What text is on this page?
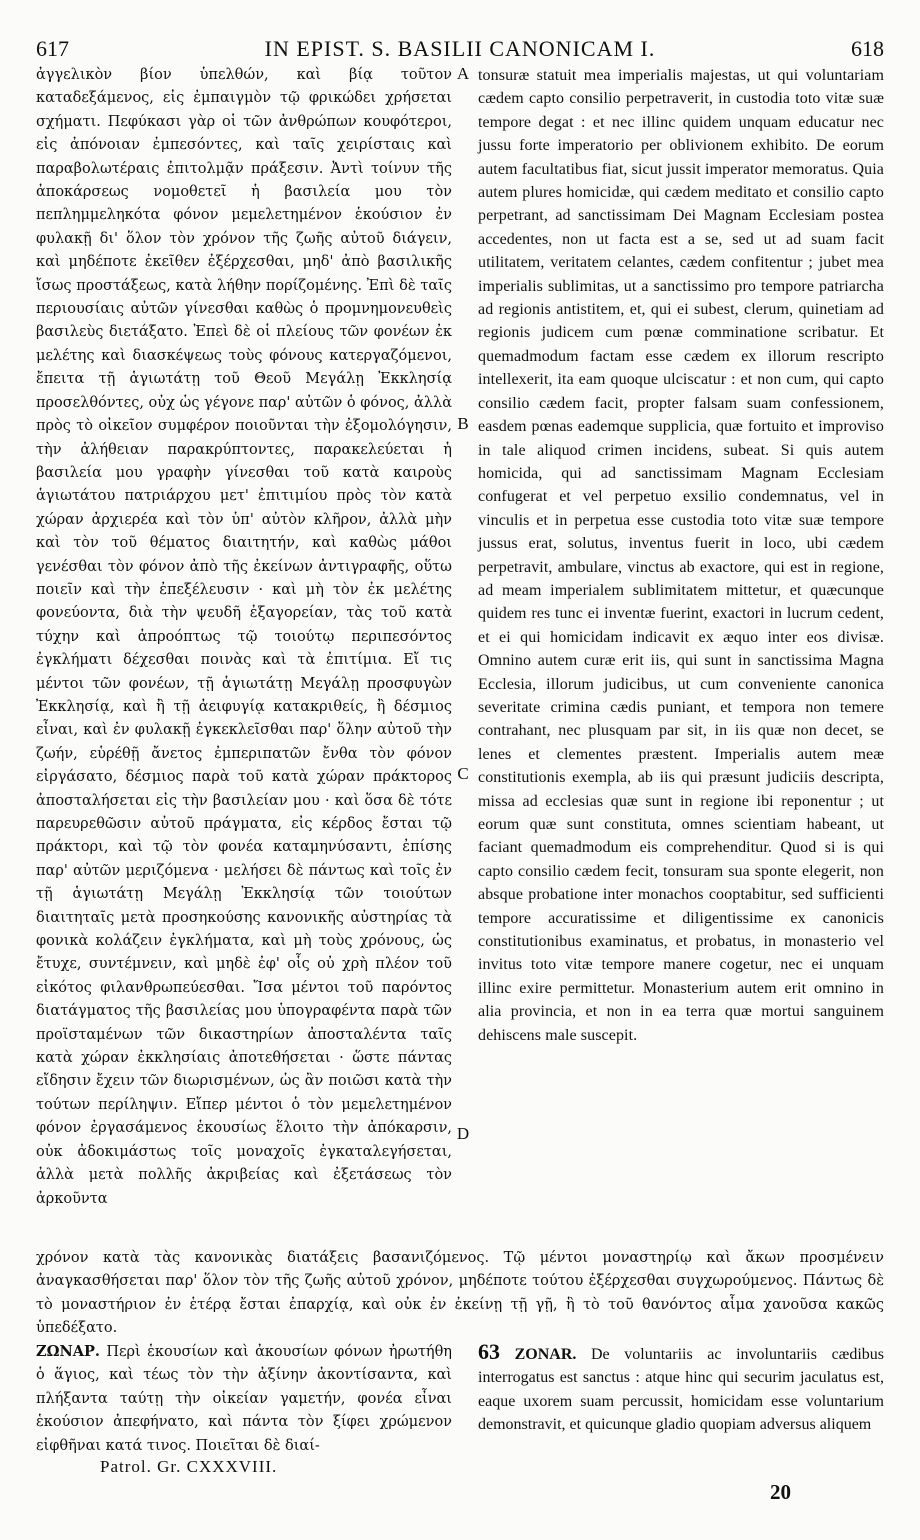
617	IN EPIST. S. BASILII CANONICAM I.	618

ἀγγελικὸν βίον ὑπελθών, καὶ βίᾳ τοῦτον καταδεξάμενος, εἰς ἐμπαιγμὸν τῷ φρικώδει χρήσεται σχήματι. Πεφύκασι γὰρ οἱ τῶν ἀνθρώπων κουφότεροι, εἰς ἀπόνοιαν ἐμπεσόντες, καὶ ταῖς χειρίσταις καὶ παραβολωτέραις ἐπιτολμᾷν πράξεσιν. Ἀντὶ τοίνυν τῆς ἀποκάρσεως νομοθετεῖ ἡ βασιλεία μου τὸν πεπλημμεληκότα φόνον μεμελετημένον ἑκούσιον ἐν φυλακῇ δι' ὅλον τὸν χρόνον τῆς ζωῆς αὐτοῦ διάγειν, καὶ μηδέποτε ἐκεῖθεν ἐξέρχεσθαι, μηδ' ἀπὸ βασιλικῆς ἴσως προστάξεως, κατὰ λήθην πορίζομένης. Ἐπὶ δὲ ταῖς περιουσίαις αὐτῶν γίνεσθαι καθὼς ὁ προμνημονευθεὶς βασιλεὺς διετάξατο. Ἐπεὶ δὲ οἱ πλείους τῶν φονέων ἐκ μελέτης καὶ διασκέψεως τοὺς φόνους κατεργαζόμενοι, ἔπειτα τῇ ἁγιωτάτῃ τοῦ Θεοῦ Μεγάλῃ Ἐκκλησίᾳ προσελθόντες, οὐχ ὡς γέγονε παρ' αὐτῶν ὁ φόνος, ἀλλὰ πρὸς τὸ οἰκεῖον συμφέρον ποιοῦνται τὴν ἐξομολόγησιν, τὴν ἀλήθειαν παρακρύπτοντες, παρακελεύεται ἡ βασιλεία μου γραφὴν γίνεσθαι τοῦ κατὰ καιροὺς ἁγιωτάτου πατριάρχου μετ' ἐπιτιμίου πρὸς τὸν κατὰ χώραν ἀρχιερέα καὶ τὸν ὑπ' αὐτὸν κλῆρον, ἀλλὰ μὴν καὶ τὸν τοῦ θέματος διαιτητήν, καὶ καθὼς μάθοι γενέσθαι τὸν φόνον ἀπὸ τῆς ἐκείνων ἀντιγραφῆς, οὕτω ποιεῖν καὶ τὴν ἐπεξέλευσιν · καὶ μὴ τὸν ἐκ μελέτης φονεύοντα, διὰ τὴν ψευδῆ ἐξαγορείαν, τὰς τοῦ κατὰ τύχην καὶ ἀπροόπτως τῷ τοιούτῳ περιπεσόντος ἐγκλήματι δέχεσθαι ποινὰς καὶ τὰ ἐπιτίμια. Εἴ τις μέντοι τῶν φονέων, τῇ ἁγιωτάτῃ Μεγάλῃ προσφυγὼν Ἐκκλησίᾳ, καὶ ἢ τῇ ἀειφυγίᾳ κατακριθείς, ἢ δέσμιος εἶναι, καὶ ἐν φυλακῇ ἐγκεκλεῖσθαι παρ' ὅλην αὐτοῦ τὴν ζωήν, εὑρέθῇ ἄνετος ἐμπεριπατῶν ἔνθα τὸν φόνον εἰργάσατο, δέσμιος παρὰ τοῦ κατὰ χώραν πράκτορος ἀποσταλήσεται εἰς τὴν βασιλείαν μου · καὶ ὅσα δὲ τότε παρευρεθῶσιν αὐτοῦ πράγματα, εἰς κέρδος ἔσται τῷ πράκτορι, καὶ τῷ τὸν φονέα καταμηνύσαντι, ἐπίσης παρ' αὐτῶν μεριζόμενα · μελήσει δὲ πάντως καὶ τοῖς ἐν τῇ ἁγιωτάτῃ Μεγάλῃ Ἐκκλησίᾳ τῶν τοιούτων διαιτηταῖς μετὰ προσηκούσης κανονικῆς αὐστηρίας τὰ φονικὰ κολάζειν ἐγκλήματα, καὶ μὴ τοὺς χρόνους, ὡς ἔτυχε, συντέμνειν, καὶ μηδὲ ἐφ' οἷς οὐ χρὴ πλέον τοῦ εἰκότος φιλανθρωπεύεσθαι. Ἴσα μέντοι τοῦ παρόντος διατάγματος τῆς βασιλείας μου ὑπογραφέντα παρὰ τῶν προϊσταμένων τῶν δικαστηρίων ἀποσταλέντα ταῖς κατὰ χώραν ἐκκλησίαις ἀποτεθήσεται · ὥστε πάντας εἴδησιν ἔχειν τῶν διωρισμένων, ὡς ἂν ποιῶσι κατὰ τὴν τούτων περίληψιν. Εἴπερ μέντοι ὁ τὸν μεμελετημένον φόνον ἐργασάμενος ἑκουσίως ἕλοιτο τὴν ἀπόκαρσιν, οὐκ ἀδοκιμάστως τοῖς μοναχοῖς ἐγκαταλεγήσεται, ἀλλὰ μετὰ πολλῆς ἀκριβείας καὶ ἐξετάσεως τὸν ἀρκοῦντα

A
B
C
D

tonsuræ statuit mea imperialis majestas, ut qui voluntariam cædem capto consilio perpetraverit, in custodia toto vitæ suæ tempore degat : et nec illinc quidem unquam educatur nec jussu forte imperatorio per oblivionem exhibito. De eorum autem facultatibus fiat, sicut jussit imperator memoratus. Quia autem plures homicidæ, qui cædem meditato et consilio capto perpetrant, ad sanctissimam Dei Magnam Ecclesiam postea accedentes, non ut facta est a se, sed ut ad suam facit utilitatem, veritatem celantes, cædem confitentur ; jubet mea imperialis sublimitas, ut a sanctissimo pro tempore patriarcha ad regionis antistitem, et, qui ei subest, clerum, quinetiam ad regionis judicem cum pœnæ comminatione scribatur. Et quemadmodum factam esse cædem ex illorum rescripto intellexerit, ita eam quoque ulciscatur : et non cum, qui capto consilio cædem facit, propter falsam suam confessionem, easdem pœnas eademque supplicia, quæ fortuito et improviso in tale aliquod crimen incidens, subeat. Si quis autem homicida, qui ad sanctissimam Magnam Ecclesiam confugerat et vel perpetuo exsilio condemnatus, vel in vinculis et in perpetua esse custodia toto vitæ suæ tempore jussus erat, solutus, inventus fuerit in loco, ubi cædem perpetravit, ambulare, vinctus ab exactore, qui est in regione, ad meam imperialem sublimitatem mittetur, et quæcunque quidem res tunc ei inventæ fuerint, exactori in lucrum cedent, et ei qui homicidam indicavit ex æquo inter eos divisæ. Omnino autem curæ erit iis, qui sunt in sanctissima Magna Ecclesia, illorum judicibus, ut cum conveniente canonica severitate crimina cædis puniant, et tempora non temere contrahant, nec plusquam par sit, in iis quæ non decet, se lenes et clementes præstent. Imperialis autem meæ constitutionis exempla, ab iis qui præsunt judiciis descripta, missa ad ecclesias quæ sunt in regione ibi reponentur ; ut eorum quæ sunt constituta, omnes scientiam habeant, ut faciant quemadmodum eis comprehenditur. Quod si is qui capto consilio cædem fecit, tonsuram sua sponte elegerit, non absque probatione inter monachos cooptabitur, sed sufficienti tempore accuratissime et diligentissime ex canonicis constitutionibus examinatus, et probatus, in monasterio vel invitus toto vitæ tempore manere cogetur, nec ei unquam illinc exire permittetur. Monasterium autem erit omnino in alia provincia, et non in ea terra quæ mortui sanguinem dehiscens male suscepit.

χρόνον κατὰ τὰς κανονικὰς διατάξεις βασανιζόμενος. Τῷ μέντοι μοναστηρίῳ καὶ ἄκων προσμένειν ἀναγκασθήσεται παρ' ὅλον τὸν τῆς ζωῆς αὐτοῦ χρόνον, μηδέποτε τούτου ἐξέρχεσθαι συγχωρούμενος. Πάντως δὲ τὸ μοναστήριον ἐν ἑτέρᾳ ἔσται ἐπαρχίᾳ, καὶ οὐκ ἐν ἐκείνῃ τῇ γῇ, ἣ τὸ τοῦ θανόντος αἷμα χανοῦσα κακῶς ὑπεδέξατο.

ΖΩΝΑΡ. Περὶ ἑκουσίων καὶ ἀκουσίων φόνων ἠρωτήθη ὁ ἅγιος, καὶ τέως τὸν τὴν ἀξίνην ἀκοντίσαντα, καὶ πλήξαντα ταύτῃ τὴν οἰκείαν γαμετήν, φονέα εἶναι ἑκούσιον ἀπεφήνατο, καὶ πάντα τὸν ξίφει χρώμενον εἰφθῆναι κατά τινος. Ποιεῖται δὲ διαί-
63 ZONAR. De voluntariis ac involuntariis cædibus interrogatus est sanctus : atque hinc qui securim jaculatus est, eaque uxorem suam percussit, homicidam esse voluntarium demonstravit, et quicunque gladio quopiam adversus aliquem
Patrol. Gr. CXXXVIII.
20
